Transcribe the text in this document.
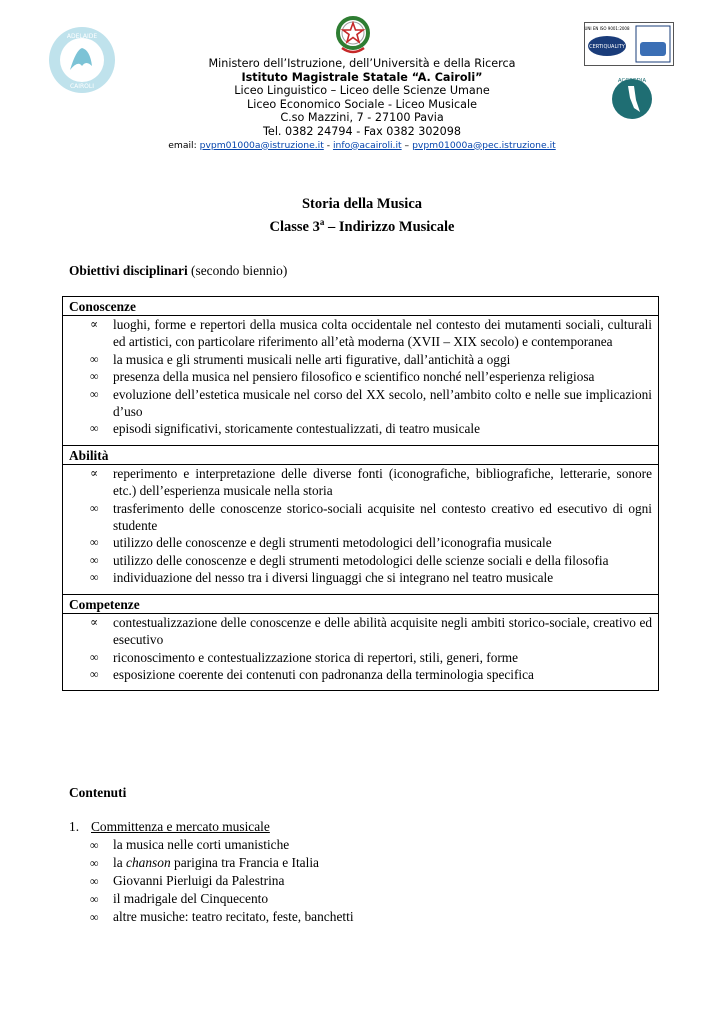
ADELAIDE
CAIROLI
UNI EN ISO 9001:2008
CERTIQUALITY
ACCREDIA
Ministero dell’Istruzione, dell’Università e della Ricerca
Istituto Magistrale Statale “A. Cairoli”
Liceo Linguistico – Liceo delle Scienze Umane
Liceo Economico Sociale - Liceo Musicale
C.so Mazzini, 7 - 27100 Pavia
Tel. 0382 24794 - Fax 0382 302098
email: pvpm01000a@istruzione.it - info@acairoli.it – pvpm01000a@pec.istruzione.it
Storia della Musica
Classe 3$^a$ – Indirizzo Musicale
Obiettivi disciplinari (secondo biennio)
Conoscenze
∝ luoghi, forme e repertori della musica colta occidentale nel contesto dei mutamenti sociali, culturali ed artistici, con particolare riferimento all’età moderna (XVII – XIX secolo) e contemporanea
∞ la musica e gli strumenti musicali nelle arti figurative, dall’antichità a oggi
∞ presenza della musica nel pensiero filosofico e scientifico nonché nell’esperienza religiosa
∞ evoluzione dell’estetica musicale nel corso del XX secolo, nell’ambito colto e nelle sue implicazioni d’uso
∞ episodi significativi, storicamente contestualizzati, di teatro musicale
Abilità
∝ reperimento e interpretazione delle diverse fonti (iconografiche, bibliografiche, letterarie, sonore etc.) dell’esperienza musicale nella storia
∞ trasferimento delle conoscenze storico-sociali acquisite nel contesto creativo ed esecutivo di ogni studente
∞ utilizzo delle conoscenze e degli strumenti metodologici dell’iconografia musicale
∞ utilizzo delle conoscenze e degli strumenti metodologici delle scienze sociali e della filosofia
∞ individuazione del nesso tra i diversi linguaggi che si integrano nel teatro musicale
Competenze
∝ contestualizzazione delle conoscenze e delle abilità acquisite negli ambiti storico-sociale, creativo ed esecutivo
∞ riconoscimento e contestualizzazione storica di repertori, stili, generi, forme
∞ esposizione coerente dei contenuti con padronanza della terminologia specifica
Contenuti
1. Committenza e mercato musicale
∞ la musica nelle corti umanistiche
∞ la chanson parigina tra Francia e Italia
∞ Giovanni Pierluigi da Palestrina
∞ il madrigale del Cinquecento
∞ altre musiche: teatro recitato, feste, banchetti
